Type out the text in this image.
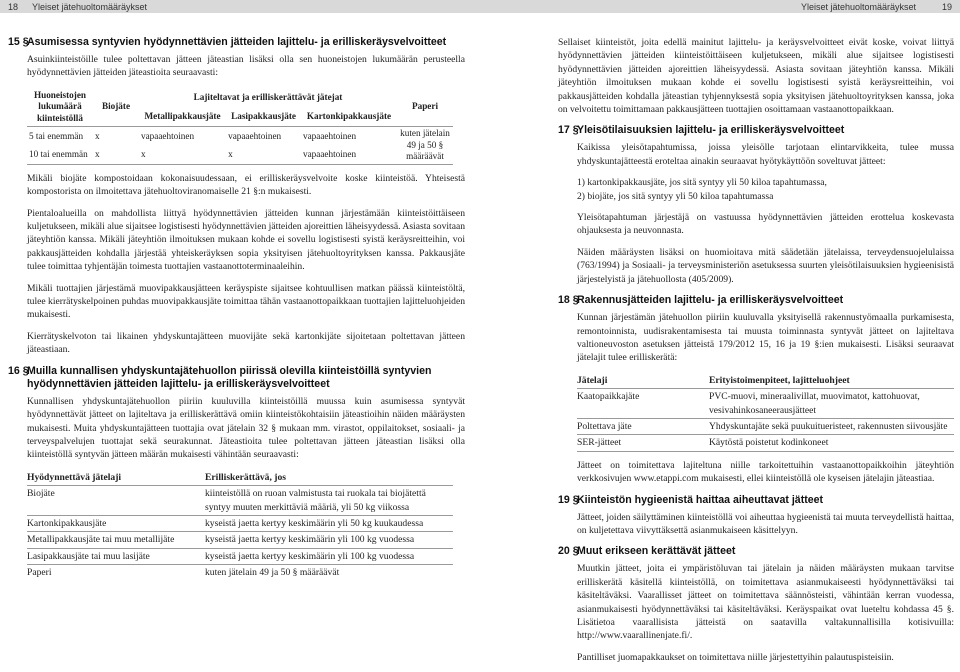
18 Yleiset jätehuoltomääräykset	Yleiset jätehuoltomääräykset	19
15 §
Asumisessa syntyvien hyödynnettävien jätteiden lajittelu- ja erilliskeräysvelvoitteet

Asuinkiinteistöille tulee poltettavan jätteen jäteastian lisäksi olla sen huoneistojen lukumäärän perusteella hyödynnettävien jätteiden jäteastioita seuraavasti:

Huoneistojen lukumäärä kiinteistöllä	Biojäte	Lajiteltavat ja erilliskerättävät jätejat			Paperi
		Metallipakkausjäte	Lasipakkausjäte	Kartonkipakkausjäte	
5 tai enemmän	x	vapaaehtoinen	vapaaehtoinen	vapaaehtoinen	kuten jätelain 49 ja 50 § määräävät
10 tai enemmän	x	x	x	vapaaehtoinen	

Mikäli biojäte kompostoidaan kokonaisuudessaan, ei erilliskeräysvelvoite koske kiinteistöä. Yhteisestä kompostorista on ilmoitettava jätehuoltoviranomaiselle 21 §:n mukaisesti.

Pientaloalueilla on mahdollista liittyä hyödynnettävien jätteiden kunnan järjestämään kiinteistöittäiseen kuljetukseen, mikäli alue sijaitsee logistisesti hyödynnettävien jätteiden ajoreittien läheisyydessä. Asiasta sovitaan jäteyhtiön kanssa. Mikäli jäteyhtiön ilmoituksen mukaan kohde ei sovellu logistisesti syistä keräysreitteihin, voi pakkausjätteiden kohdalla järjestää yhteiskeräyksen sopia yksityisen jätehuoltoyrityksen kanssa. Pakkausjäte tulee toimittaa tyhjentäjän toimesta tuottajien vastaanottoterminaaleihin.

Mikäli tuottajien järjestämä muovipakkausjätteen keräyspiste sijaitsee kohtuullisen matkan päässä kiinteistöltä, tulee kierrätyskelpoinen puhdas muovipakkausjäte toimittaa tähän vastaanottopaikkaan tuottajien lajitteluohjeiden mukaisesti.

Kierrätyskelvoton tai likainen yhdyskuntajätteen muovijäte sekä kartonkijäte sijoitetaan poltettavan jätteen jäteastiaan.

16 §
Muilla kunnallisen yhdyskuntajätehuollon piirissä olevilla kiinteistöillä syntyvien hyödynnettävien jätteiden lajittelu- ja erilliskeräysvelvoitteet

Kunnallisen yhdyskuntajätehuollon piiriin kuuluvilla kiinteistöillä muussa kuin asumisessa syntyvät hyödynnettävät jätteet on lajiteltava ja erilliskerättävä omiin kiinteistökohtaisiin jäteastioihin näiden määräysten mukaisesti. Muita yhdyskuntajätteen tuottajia ovat jätelain 32 § mukaan mm. virastot, oppilaitokset, sosiaali- ja terveyspalvelujen tuottajat sekä seurakunnat. Jäteastioita tulee poltettavan jätteen jäteastian lisäksi olla kiinteistöllä syntyvän jätteen määrän mukaisesti vähintään seuraavasti:

Hyödynnettävä jätelaji	Erilliskerättävä, jos
Biojäte	kiinteistöllä on ruoan valmistusta tai ruokala tai biojätettä syntyy muuten merkittäviä määriä, yli 50 kg viikossa
Kartonkipakkausjäte	kyseistä jaetta kertyy keskimäärin yli 50 kg kuukaudessa
Metallipakkausjäte tai muu metallijäte	kyseistä jaetta kertyy keskimäärin yli 100 kg vuodessa
Lasipakkausjäte tai muu lasijäte	kyseistä jaetta kertyy keskimäärin yli 100 kg vuodessa
Paperi	kuten jätelain 49 ja 50 § määräävät

Sellaiset kiinteistöt, joita edellä mainitut lajittelu- ja keräysvelvoitteet eivät koske, voivat liittyä hyödynnettävien jätteiden kiinteistöittäiseen kuljetukseen, mikäli alue sijaitsee logistisesti hyödynnettävien jätteiden ajoreittien läheisyydessä. Asiasta sovitaan jäteyhtiön kanssa. Mikäli jäteyhtiön ilmoituksen mukaan kohde ei sovellu logistisesti syistä keräysreitteihin, voi pakkausjätteiden kohdalla jäteastian tyhjennyksestä sopia yksityisen jätehuoltoyrityksen kanssa, joka on velvoitettu toimittamaan pakkausjätteen tuottajien osoittamaan vastaanottopaikkaan.

17 §
Yleisötilaisuuksien lajittelu- ja erilliskeräysvelvoitteet

Kaikissa yleisötapahtumissa, joissa yleisölle tarjotaan elintarvikkeita, tulee mussa yhdyskuntajätteestä eroteltaa ainakin seuraavat hyötykäyttöön soveltuvat jätteet:

1) kartonkipakkausjäte, jos sitä syntyy yli 50 kiloa tapahtumassa,
2) biojäte, jos sitä syntyy yli 50 kiloa tapahtumassa

Yleisötapahtuman järjestäjä on vastuussa hyödynnettävien jätteiden erottelua koskevasta ohjauksesta ja neuvonnasta.

Näiden määräysten lisäksi on huomioitava mitä säädetään jätelaissa, terveydensuojelulaissa (763/1994) ja Sosiaali- ja terveysministeriön asetuksessa suurten yleisötilaisuuksien hygieenisistä järjestelyistä ja jätehuollosta (405/2009).

18 §
Rakennusjätteiden lajittelu- ja erilliskeräysvelvoitteet

Kunnan järjestämän jätehuollon piiriin kuuluvalla yksityisellä rakennustyömaalla purkamisesta, remontoinnista, uudisrakentamisesta tai muusta toiminnasta syntyvät jätteet on lajiteltava valtioneuvoston asetuksen jätteistä 179/2012 15, 16 ja 19 §:ien mukaisesti. Lisäksi seuraavat jätelajit tulee erilliskerätä:

Jätelaji	Erityistoimenpiteet, lajitteluohjeet
Kaatopaikkajäte	PVC-muovi, mineraalivillat, muovimatot, kattohuovat, vesivahinkosaneerausjätteet
Poltettava jäte	Yhdyskuntajäte sekä puukuitueristeet, rakennusten siivousjäte
SER-jätteet	Käytöstä poistetut kodinkoneet

Jätteet on toimitettava lajiteltuna niille tarkoitettuihin vastaanottopaikkoihin jäteyhtiön verkkosivujen www.etappi.com mukaisesti, ellei kiinteistöllä ole kyseisen jätelajin jäteastiaa.

19 §
Kiinteistön hygieenistä haittaa aiheuttavat jätteet

Jätteet, joiden säilyttäminen kiinteistöllä voi aiheuttaa hygieenistä tai muuta terveydellistä haittaa, on kuljetettava viivyttäksettä asianmukaiseen käsittelyyn.

20 §
Muut erikseen kerättävät jätteet

Muutkin jätteet, joita ei ympäristöluvan tai jätelain ja näiden määräysten mukaan tarvitse erilliskerätä käsitellä kiinteistöllä, on toimitettava asianmukaiseesti hyödynnettäväksi tai käsiteltäväksi. Vaarallisset jätteet on toimitettava säännösteisti, vähintään kerran vuodessa, asianmukaisesti hyödynnettäväksi tai käsiteltäväksi. Keräyspaikat ovat lueteltu kohdassa 45 §. Lisätietoa vaarallisista jätteistä on saatavilla valtakunnallisilla kotisivuilla: http://www.vaarallinenjate.fi/.

Pantilliset juomapakkaukset on toimitettava niille järjestettyihin palautuspisteisiin.
